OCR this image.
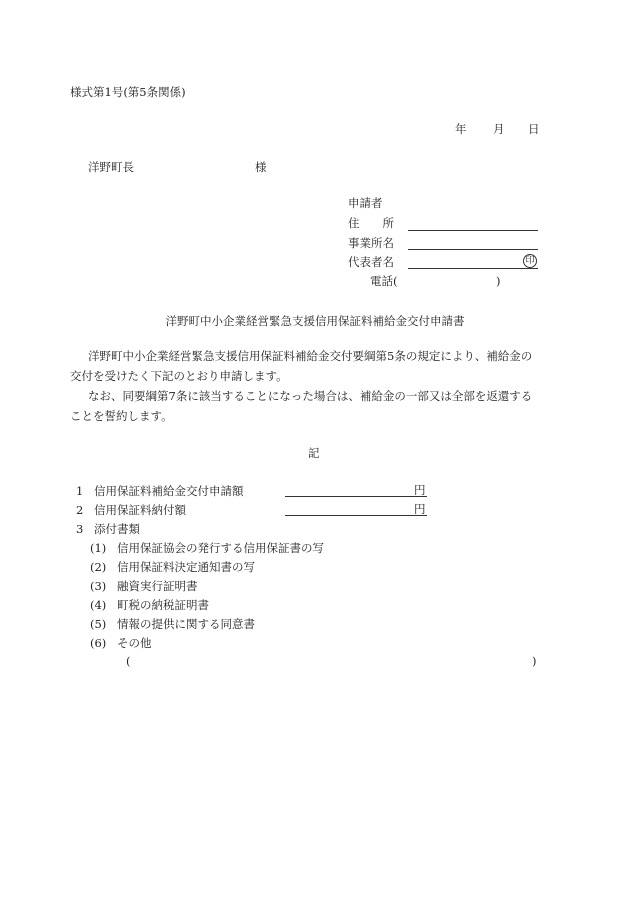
様式第1号(第5条関係)
年 月 日
洋野町長	様
申請者
住　　所
事業所名
代表者名	印
電話(	)
洋野町中小企業経営緊急支援信用保証料補給金交付申請書
洋野町中小企業経営緊急支援信用保証料補給金交付要綱第5条の規定により、補給金の
交付を受けたく下記のとおり申請します。
なお、同要綱第7条に該当することになった場合は、補給金の一部又は全部を返還する
ことを誓約します。
記
1 信用保証料補給金交付申請額	円
2 信用保証料納付額	円
3 添付書類
(1) 信用保証協会の発行する信用保証書の写
(2) 信用保証料決定通知書の写
(3) 融資実行証明書
(4) 町税の納税証明書
(5) 情報の提供に関する同意書
(6) その他
(	)
